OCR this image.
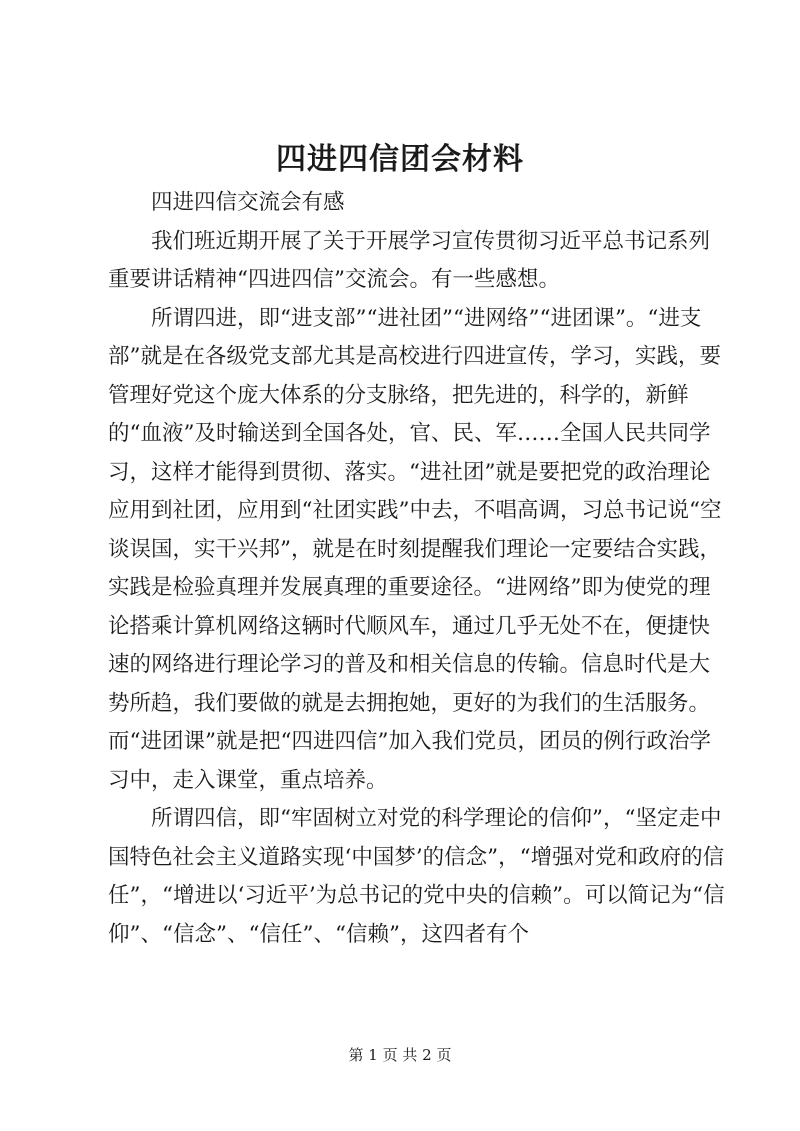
四进四信团会材料

四进四信交流会有感

我们班近期开展了关于开展学习宣传贯彻习近平总书记系列重要讲话精神“四进四信”交流会。有一些感想。

所谓四进，即“进支部”“进社团”“进网络”“进团课”。“进支部”就是在各级党支部尤其是高校进行四进宣传，学习，实践，要管理好党这个庞大体系的分支脉络，把先进的，科学的，新鲜的“血液”及时输送到全国各处，官、民、军……全国人民共同学习，这样才能得到贯彻、落实。“进社团”就是要把党的政治理论应用到社团，应用到“社团实践”中去，不唱高调，习总书记说“空谈误国，实干兴邦”，就是在时刻提醒我们理论一定要结合实践，实践是检验真理并发展真理的重要途径。“进网络”即为使党的理论搭乘计算机网络这辆时代顺风车，通过几乎无处不在，便捷快速的网络进行理论学习的普及和相关信息的传输。信息时代是大势所趋，我们要做的就是去拥抱她，更好的为我们的生活服务。而“进团课”就是把“四进四信”加入我们党员，团员的例行政治学习中，走入课堂，重点培养。

所谓四信，即“牢固树立对党的科学理论的信仰”，“坚定走中国特色社会主义道路实现‘中国梦’的信念”，“增强对党和政府的信任”，“增进以‘习近平’为总书记的党中央的信赖”。可以简记为“信仰”、“信念”、“信任”、“信赖”，这四者有个

第 1 页 共 2 页
